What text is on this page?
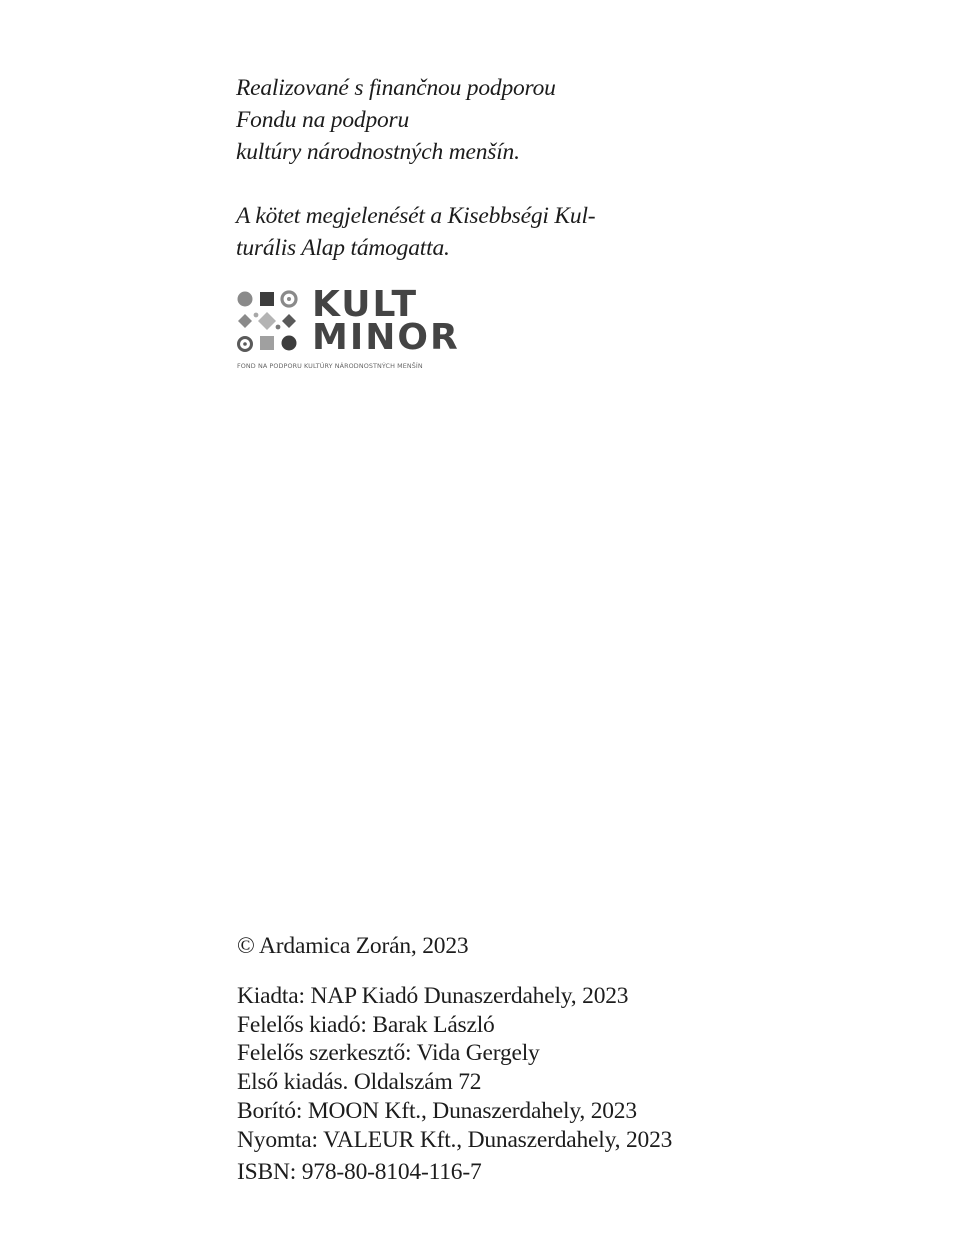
Realizované s finančnou podporou

Fondu na podporu

kultúry národnostných menšín.

A kötet megjelenését a Kisebbségi Kul-

turális Alap támogatta.

KULT
MINOR
FOND NA PODPORU KULTÚRY NÁRODNOSTNÝCH MENŠÍN

© Ardamica Zorán, 2023

Kiadta: NAP Kiadó Dunaszerdahely, 2023

Felelős kiadó: Barak László

Felelős szerkesztő: Vida Gergely

Első kiadás. Oldalszám 72

Borító: MOON Kft., Dunaszerdahely, 2023

Nyomta: VALEUR Kft., Dunaszerdahely, 2023

ISBN: 978-80-8104-116-7
